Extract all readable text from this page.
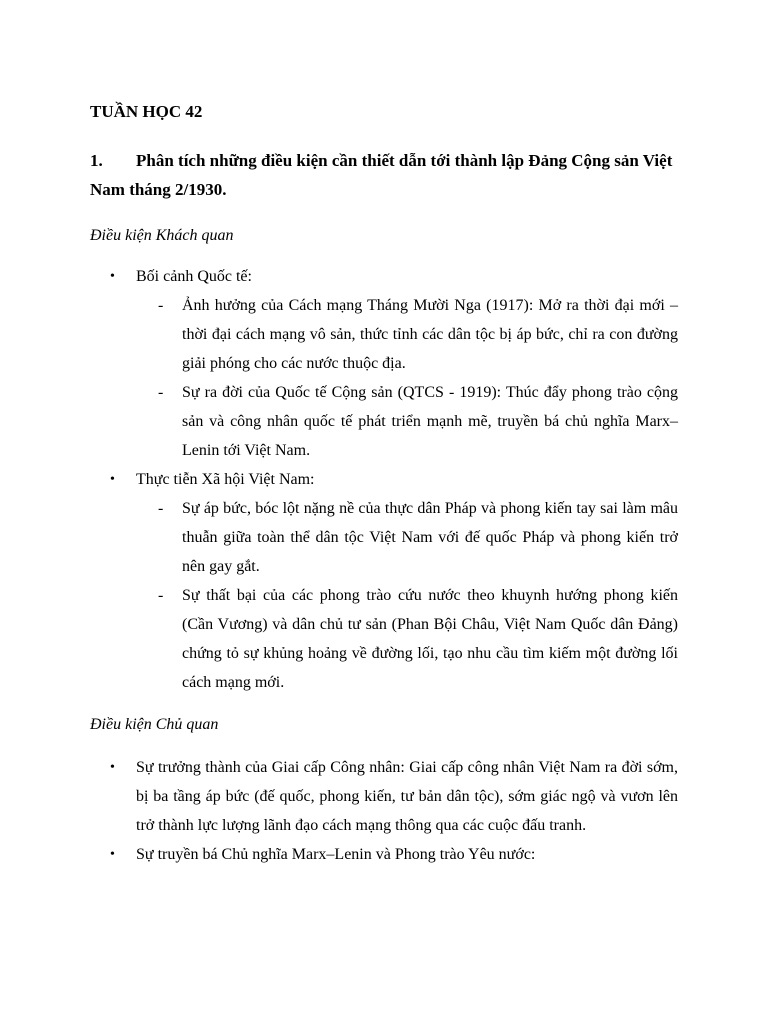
TUẦN HỌC 42
1. Phân tích những điều kiện cần thiết dẫn tới thành lập Đảng Cộng sản Việt Nam tháng 2/1930.
Điều kiện Khách quan
•	Bối cảnh Quốc tế:
- Ảnh hưởng của Cách mạng Tháng Mười Nga (1917): Mở ra thời đại mới – thời đại cách mạng vô sản, thức tỉnh các dân tộc bị áp bức, chỉ ra con đường giải phóng cho các nước thuộc địa.
- Sự ra đời của Quốc tế Cộng sản (QTCS - 1919): Thúc đẩy phong trào cộng sản và công nhân quốc tế phát triển mạnh mẽ, truyền bá chủ nghĩa Marx–Lenin tới Việt Nam.
•	Thực tiễn Xã hội Việt Nam:
- Sự áp bức, bóc lột nặng nề của thực dân Pháp và phong kiến tay sai làm mâu thuẫn giữa toàn thể dân tộc Việt Nam với đế quốc Pháp và phong kiến trở nên gay gắt.
- Sự thất bại của các phong trào cứu nước theo khuynh hướng phong kiến (Cần Vương) và dân chủ tư sản (Phan Bội Châu, Việt Nam Quốc dân Đảng) chứng tỏ sự khủng hoảng về đường lối, tạo nhu cầu tìm kiếm một đường lối cách mạng mới.
Điều kiện Chủ quan
•	Sự trưởng thành của Giai cấp Công nhân: Giai cấp công nhân Việt Nam ra đời sớm, bị ba tầng áp bức (đế quốc, phong kiến, tư bản dân tộc), sớm giác ngộ và vươn lên trở thành lực lượng lãnh đạo cách mạng thông qua các cuộc đấu tranh.
•	Sự truyền bá Chủ nghĩa Marx–Lenin và Phong trào Yêu nước:
